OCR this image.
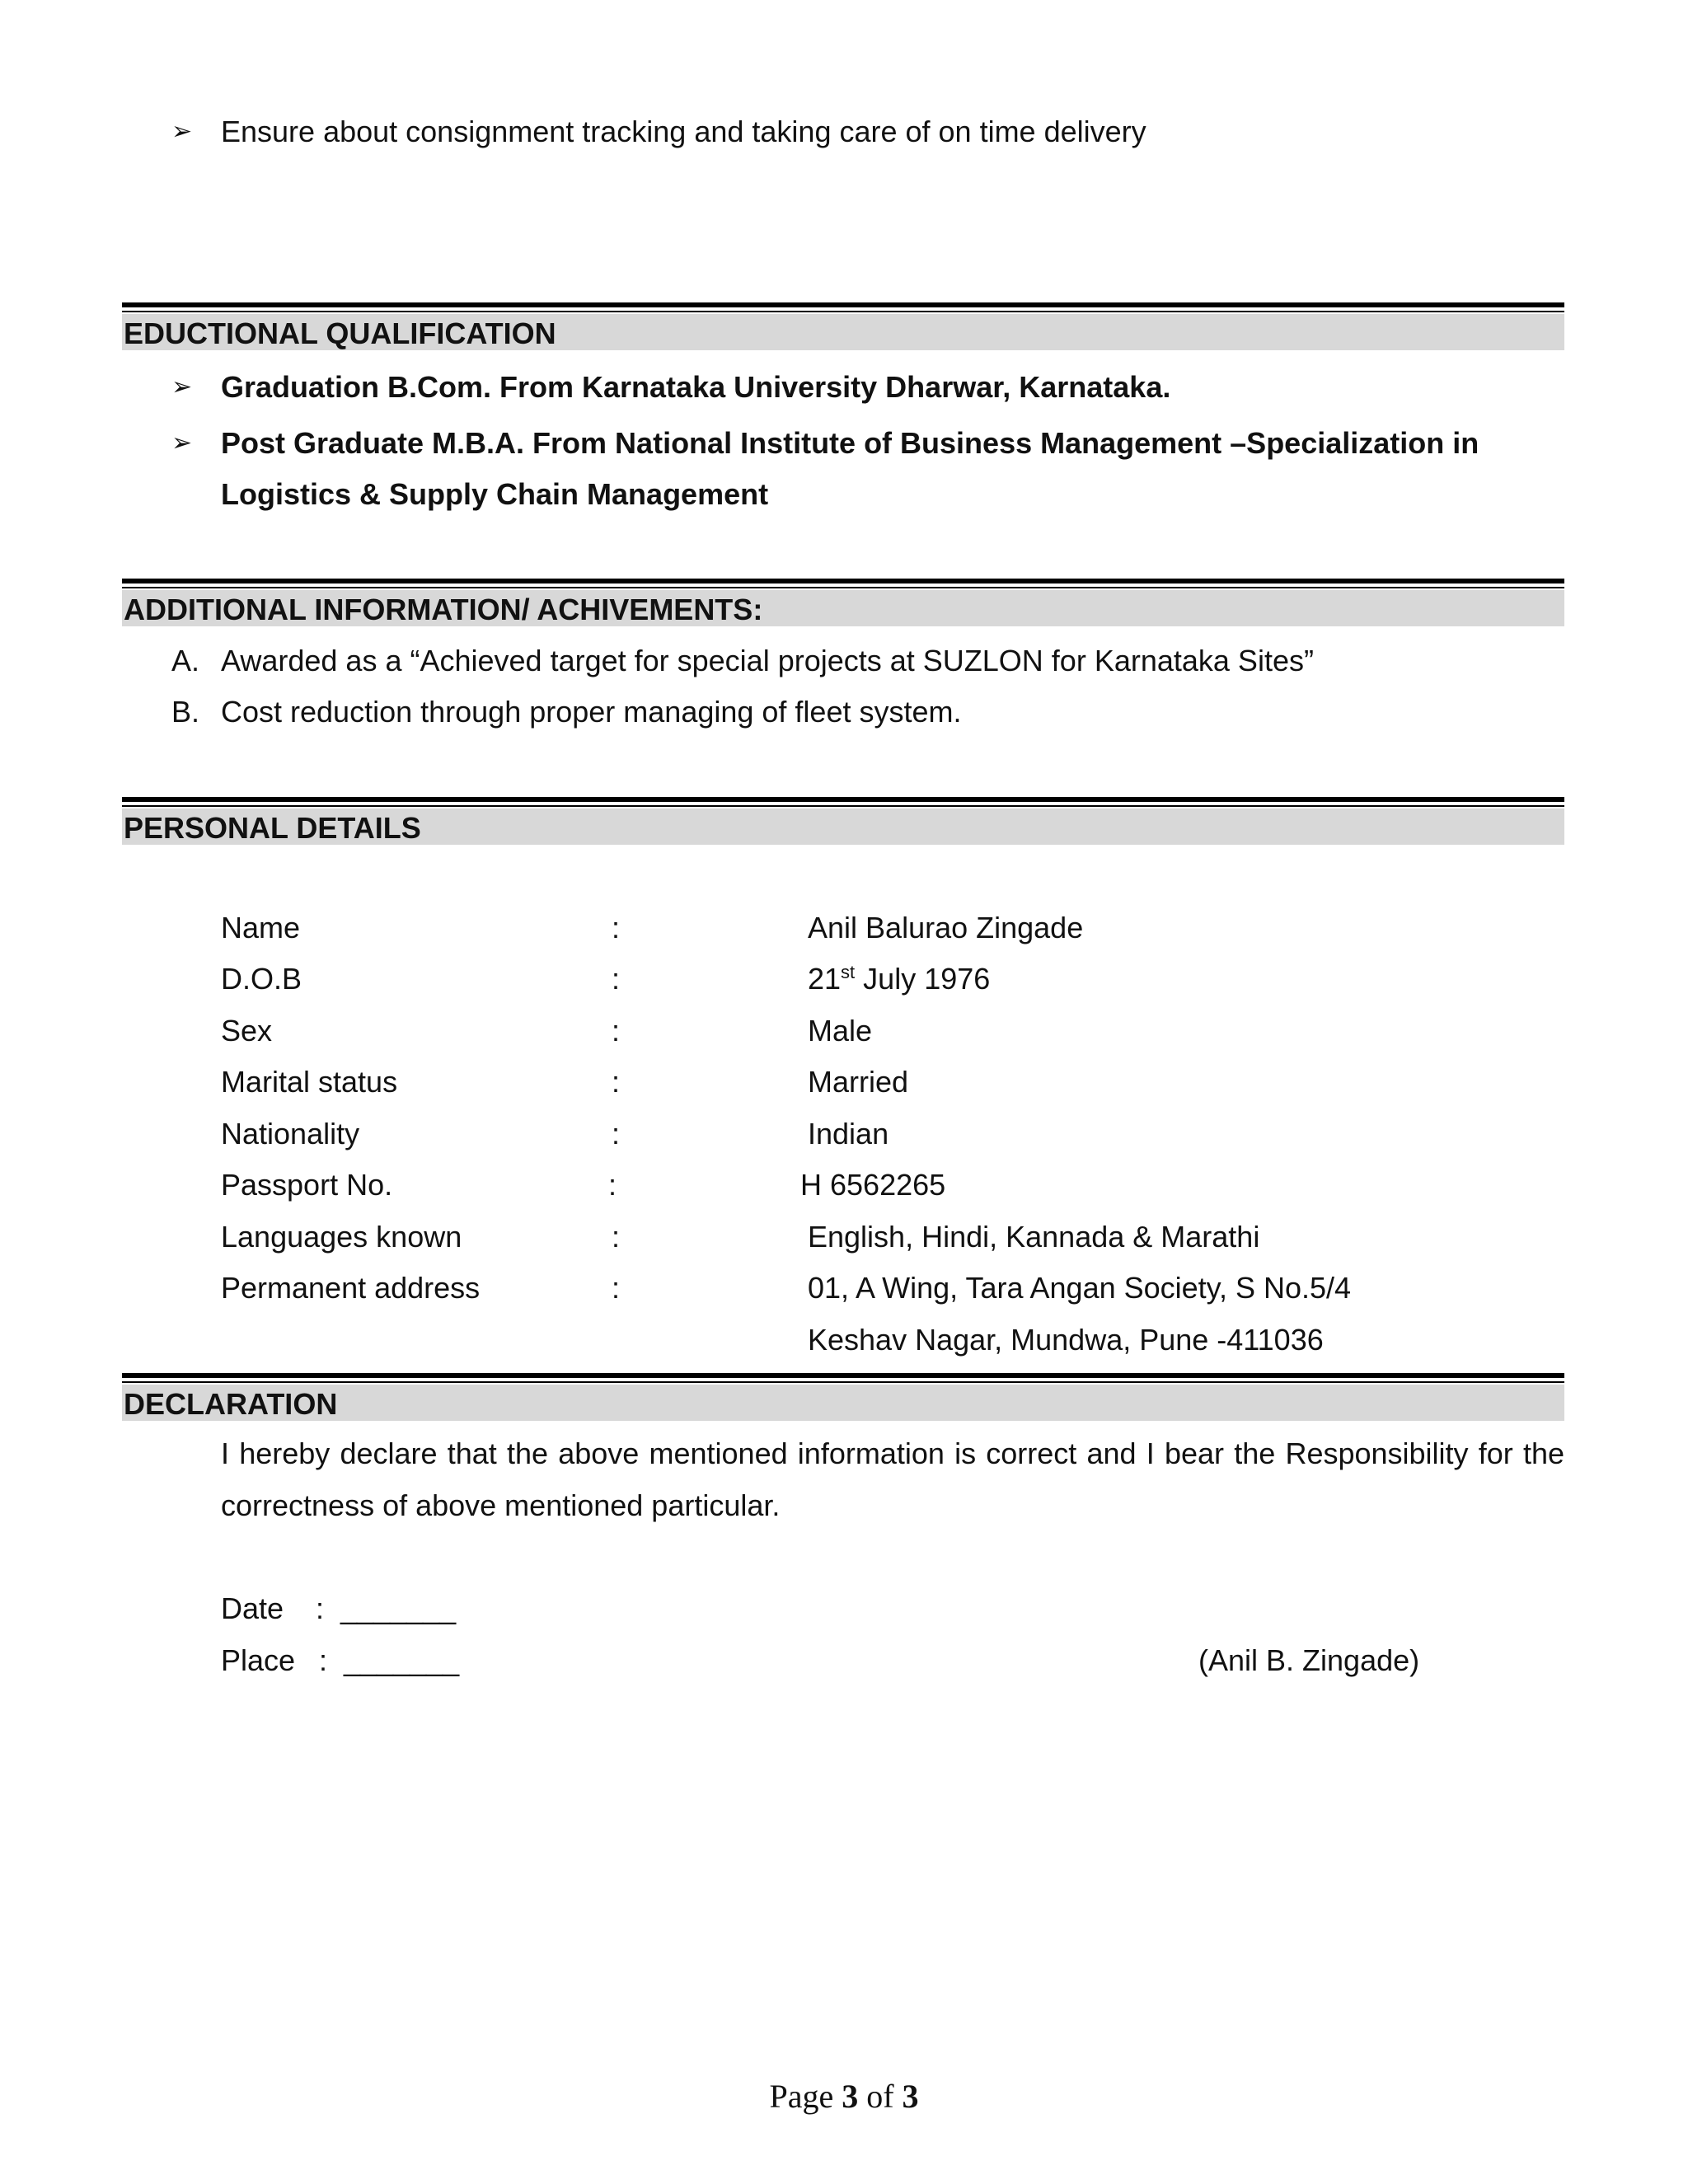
➢ Ensure about consignment tracking and taking care of on time delivery
EDUCTIONAL QUALIFICATION
➢ Graduation B.Com. From Karnataka University Dharwar, Karnataka.
➢ Post Graduate M.B.A. From National Institute of Business Management –Specialization in
Logistics & Supply Chain Management
ADDITIONAL INFORMATION/ ACHIVEMENTS:
A. Awarded as a “Achieved target for special projects at SUZLON for Karnataka Sites”
B. Cost reduction through proper managing of fleet system.
PERSONAL DETAILS
Name	:	Anil Balurao Zingade
D.O.B	:	21st July 1976
Sex	:	Male
Marital status	:	Married
Nationality	:	Indian
Passport No.	:	H 6562265
Languages known	:	English, Hindi, Kannada & Marathi
Permanent address	:	01, A Wing, Tara Angan Society, S No.5/4
Keshav Nagar, Mundwa, Pune -411036
DECLARATION
I hereby declare that the above mentioned information is correct and I bear the Responsibility for the
correctness of above mentioned particular.
Date : _______
Place : _______	(Anil B. Zingade)
Page 3 of 3
